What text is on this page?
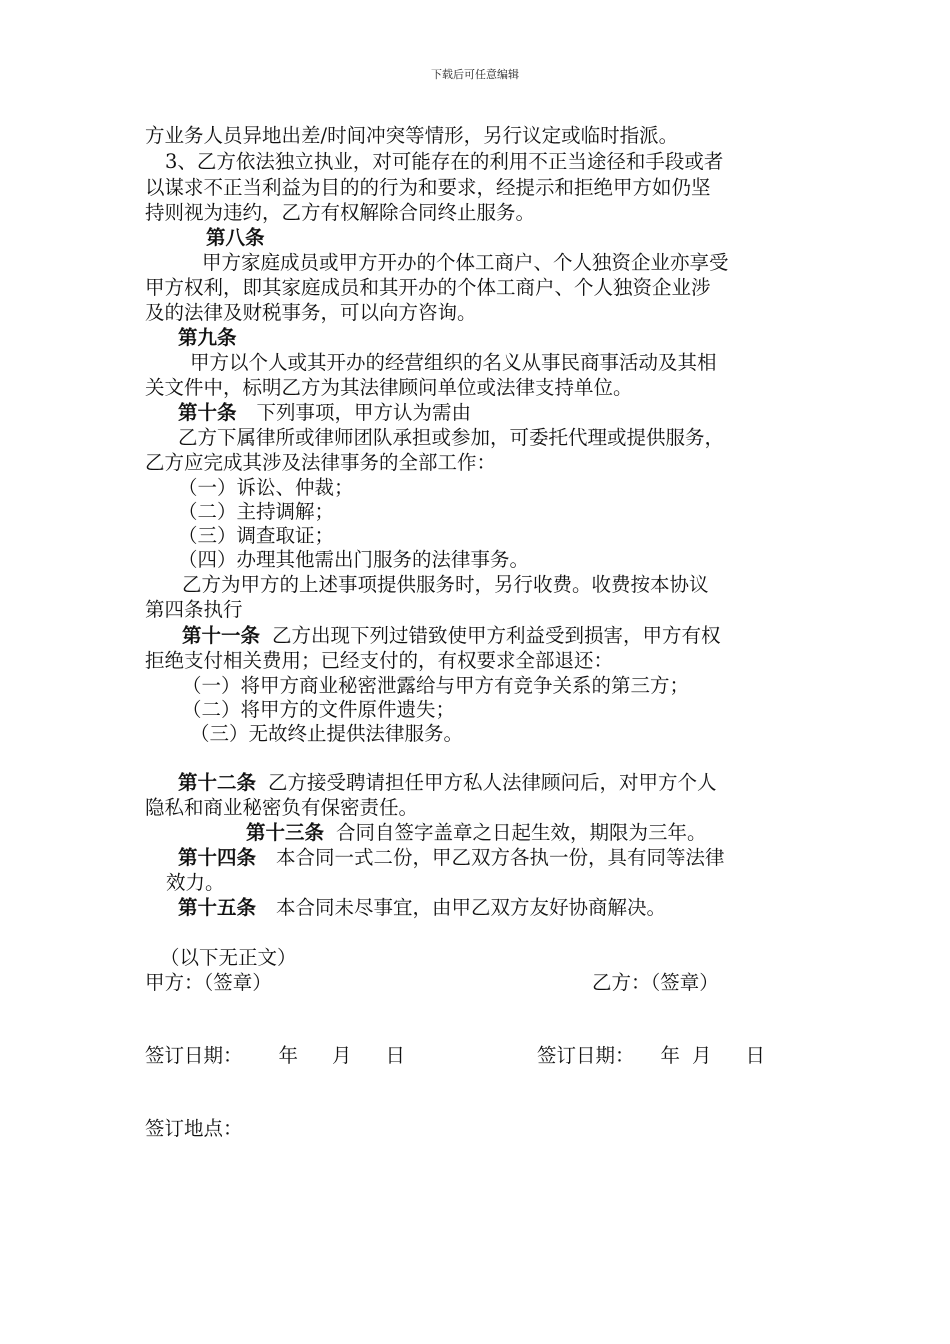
下载后可任意编辑
方业务人员异地出差/时间冲突等情形，另行议定或临时指派。
3、乙方依法独立执业，对可能存在的利用不正当途径和手段或者
以谋求不正当利益为目的的行为和要求，经提示和拒绝甲方如仍坚
持则视为违约，乙方有权解除合同终止服务。
第八条
甲方家庭成员或甲方开办的个体工商户、个人独资企业亦享受
甲方权利，即其家庭成员和其开办的个体工商户、个人独资企业涉
及的法律及财税事务，可以向方咨询。
第九条
甲方以个人或其开办的经营组织的名义从事民商事活动及其相
关文件中，标明乙方为其法律顾问单位或法律支持单位。
第十条 下列事项，甲方认为需由
乙方下属律所或律师团队承担或参加，可委托代理或提供服务，
乙方应完成其涉及法律事务的全部工作：
（一）诉讼、仲裁；
（二）主持调解；
（三）调查取证；
（四）办理其他需出门服务的法律事务。
乙方为甲方的上述事项提供服务时，另行收费。收费按本协议
第四条执行
第十一条 乙方出现下列过错致使甲方利益受到损害，甲方有权
拒绝支付相关费用；已经支付的，有权要求全部退还：
（一）将甲方商业秘密泄露给与甲方有竞争关系的第三方；
（二）将甲方的文件原件遗失；
（三）无故终止提供法律服务。
第十二条 乙方接受聘请担任甲方私人法律顾问后，对甲方个人
隐私和商业秘密负有保密责任。
第十三条 合同自签字盖章之日起生效，期限为三年。
第十四条 本合同一式二份，甲乙双方各执一份，具有同等法律
效力。
第十五条 本合同未尽事宜，由甲乙双方友好协商解决。
（以下无正文）
甲方：（签章）	乙方：（签章）
签订日期： 年 月 日	签订日期： 年 月 日
签订地点：
